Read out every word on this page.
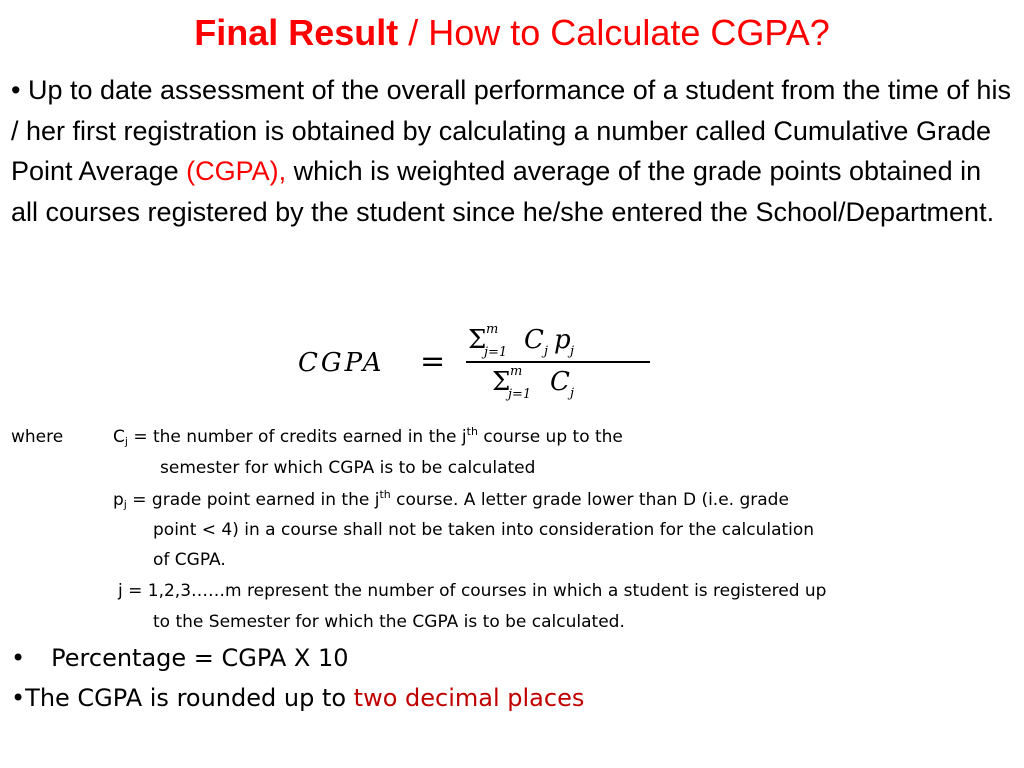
Final Result / How to Calculate CGPA?

• Up to date assessment of the overall performance of a student from the time of his / her first registration is obtained by calculating a number called Cumulative Grade Point Average (CGPA), which is weighted average of the grade points obtained in all courses registered by the student since he/she entered the School/Department.

CGPA =
Σ m
j=1 C j p j
Σ m
j=1 C j

where	$C_j$ = the number of credits earned in the $j^{th}$ course up to the

semester for which CGPA is to be calculated

$p_j$ = grade point earned in the $j^{th}$ course. A letter grade lower than D (i.e. grade

point < 4) in a course shall not be taken into consideration for the calculation

of CGPA.

j = 1,2,3……m represent the number of courses in which a student is registered up

to the Semester for which the CGPA is to be calculated.

• Percentage = CGPA X 10

•The CGPA is rounded up to two decimal places
